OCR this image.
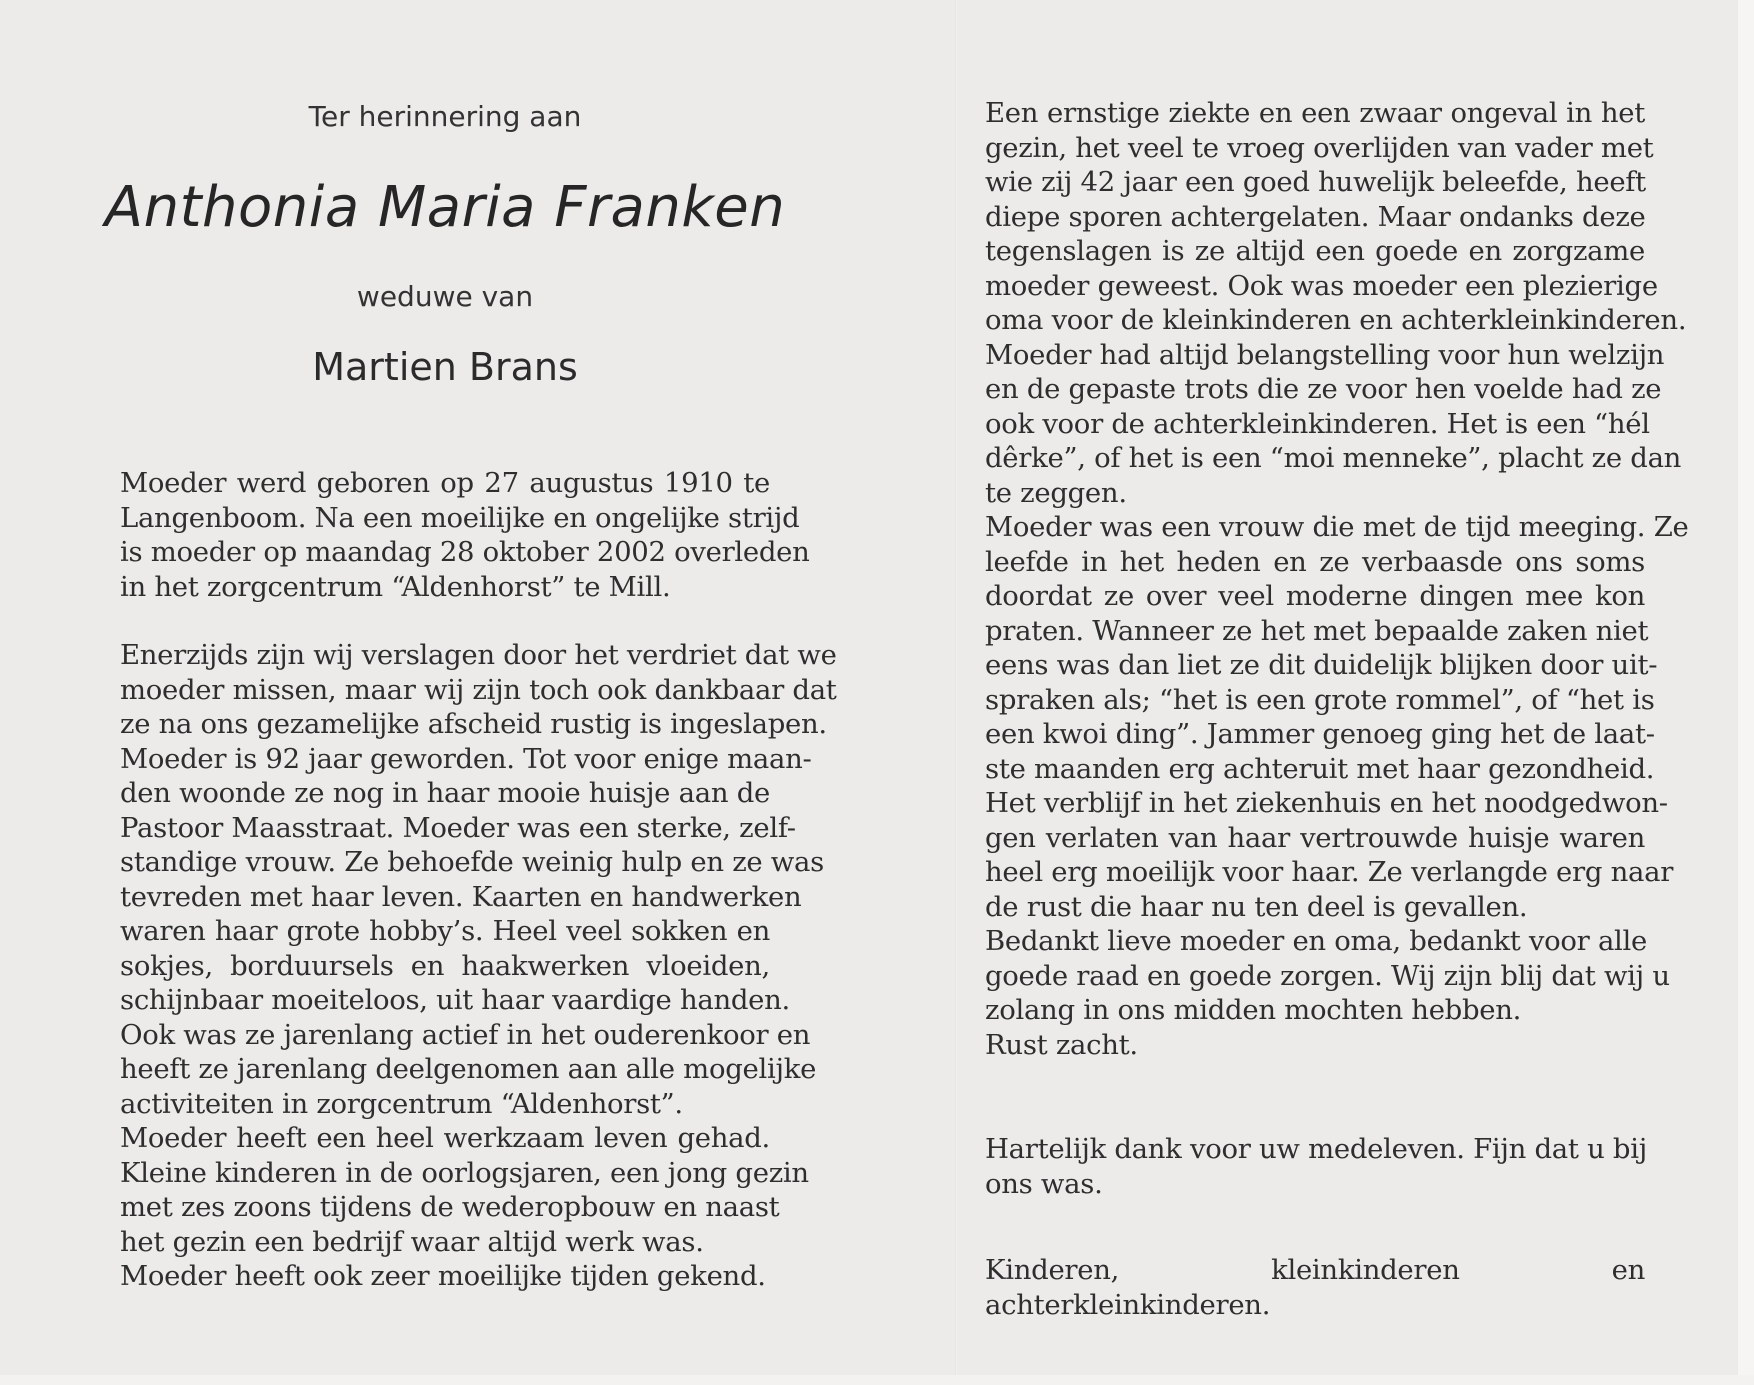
Ter herinnering aan
Anthonia Maria Franken
weduwe van
Martien Brans

Moeder werd geboren op 27 augustus 1910 te
Langenboom. Na een moeilijke en ongelijke strijd
is moeder op maandag 28 oktober 2002 overleden
in het zorgcentrum “Aldenhorst” te Mill.

Enerzijds zijn wij verslagen door het verdriet dat we
moeder missen, maar wij zijn toch ook dankbaar dat
ze na ons gezamelijke afscheid rustig is ingeslapen.
Moeder is 92 jaar geworden. Tot voor enige maan-
den woonde ze nog in haar mooie huisje aan de
Pastoor Maasstraat. Moeder was een sterke, zelf-
standige vrouw. Ze behoefde weinig hulp en ze was
tevreden met haar leven. Kaarten en handwerken
waren haar grote hobby’s. Heel veel sokken en
sokjes, borduursels en haakwerken vloeiden,
schijnbaar moeiteloos, uit haar vaardige handen.
Ook was ze jarenlang actief in het ouderenkoor en
heeft ze jarenlang deelgenomen aan alle mogelijke
activiteiten in zorgcentrum “Aldenhorst”.
Moeder heeft een heel werkzaam leven gehad.
Kleine kinderen in de oorlogsjaren, een jong gezin
met zes zoons tijdens de wederopbouw en naast
het gezin een bedrijf waar altijd werk was.
Moeder heeft ook zeer moeilijke tijden gekend.

Een ernstige ziekte en een zwaar ongeval in het
gezin, het veel te vroeg overlijden van vader met
wie zij 42 jaar een goed huwelijk beleefde, heeft
diepe sporen achtergelaten. Maar ondanks deze
tegenslagen is ze altijd een goede en zorgzame
moeder geweest. Ook was moeder een plezierige
oma voor de kleinkinderen en achterkleinkinderen.
Moeder had altijd belangstelling voor hun welzijn
en de gepaste trots die ze voor hen voelde had ze
ook voor de achterkleinkinderen. Het is een “hél
dêrke”, of het is een “moi menneke”, placht ze dan
te zeggen.
Moeder was een vrouw die met de tijd meeging. Ze
leefde in het heden en ze verbaasde ons soms
doordat ze over veel moderne dingen mee kon
praten. Wanneer ze het met bepaalde zaken niet
eens was dan liet ze dit duidelijk blijken door uit-
spraken als; “het is een grote rommel”, of “het is
een kwoi ding”. Jammer genoeg ging het de laat-
ste maanden erg achteruit met haar gezondheid.
Het verblijf in het ziekenhuis en het noodgedwon-
gen verlaten van haar vertrouwde huisje waren
heel erg moeilijk voor haar. Ze verlangde erg naar
de rust die haar nu ten deel is gevallen.
Bedankt lieve moeder en oma, bedankt voor alle
goede raad en goede zorgen. Wij zijn blij dat wij u
zolang in ons midden mochten hebben.
Rust zacht.

Hartelijk dank voor uw medeleven. Fijn dat u bij
ons was.

Kinderen, kleinkinderen en achterkleinkinderen.
